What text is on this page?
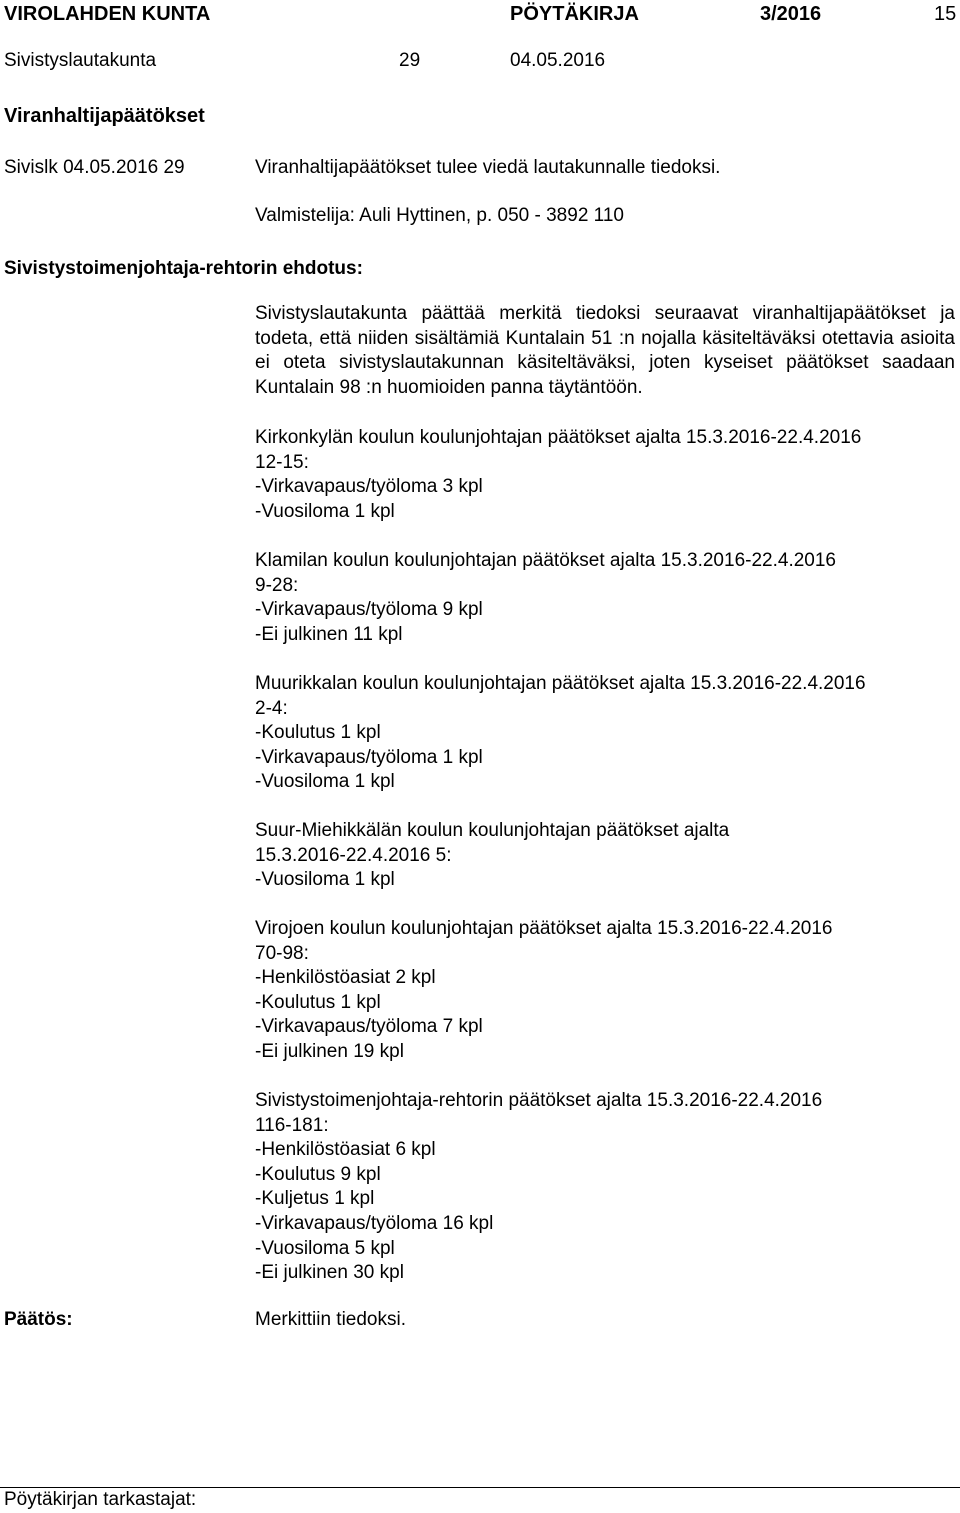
VIROLAHDEN KUNTA	PÖYTÄKIRJA	3/2016	15
Sivistyslautakunta	29	04.05.2016
Viranhaltijapäätökset
Sivislk 04.05.2016 29	Viranhaltijapäätökset tulee viedä lautakunnalle tiedoksi.
Valmistelija: Auli Hyttinen, p. 050 - 3892 110
Sivistystoimenjohtaja-rehtorin ehdotus:

Sivistyslautakunta päättää merkitä tiedoksi seuraavat viranhaltijapäätökset ja todeta, että niiden sisältämiä Kuntalain 51 :n nojalla käsiteltäväksi otettavia asioita ei oteta sivistyslautakunnan käsiteltäväksi, joten kyseiset päätökset saadaan Kuntalain 98 :n huomioiden panna täytäntöön.

Kirkonkylän koulun koulunjohtajan päätökset ajalta 15.3.2016-22.4.2016
12-15:
-Virkavapaus/työloma 3 kpl
-Vuosiloma 1 kpl
Klamilan koulun koulunjohtajan päätökset ajalta 15.3.2016-22.4.2016
9-28:
-Virkavapaus/työloma 9 kpl
-Ei julkinen 11 kpl
Muurikkalan koulun koulunjohtajan päätökset ajalta 15.3.2016-22.4.2016
2-4:
-Koulutus 1 kpl
-Virkavapaus/työloma 1 kpl
-Vuosiloma 1 kpl
Suur-Miehikkälän koulun koulunjohtajan päätökset ajalta
15.3.2016-22.4.2016 5:
-Vuosiloma 1 kpl
Virojoen koulun koulunjohtajan päätökset ajalta 15.3.2016-22.4.2016
70-98:
-Henkilöstöasiat 2 kpl
-Koulutus 1 kpl
-Virkavapaus/työloma 7 kpl
-Ei julkinen 19 kpl
Sivistystoimenjohtaja-rehtorin päätökset ajalta 15.3.2016-22.4.2016
116-181:
-Henkilöstöasiat 6 kpl
-Koulutus 9 kpl
-Kuljetus 1 kpl
-Virkavapaus/työloma 16 kpl
-Vuosiloma 5 kpl
-Ei julkinen 30 kpl
Päätös:	Merkittiin tiedoksi.
Pöytäkirjan tarkastajat:
